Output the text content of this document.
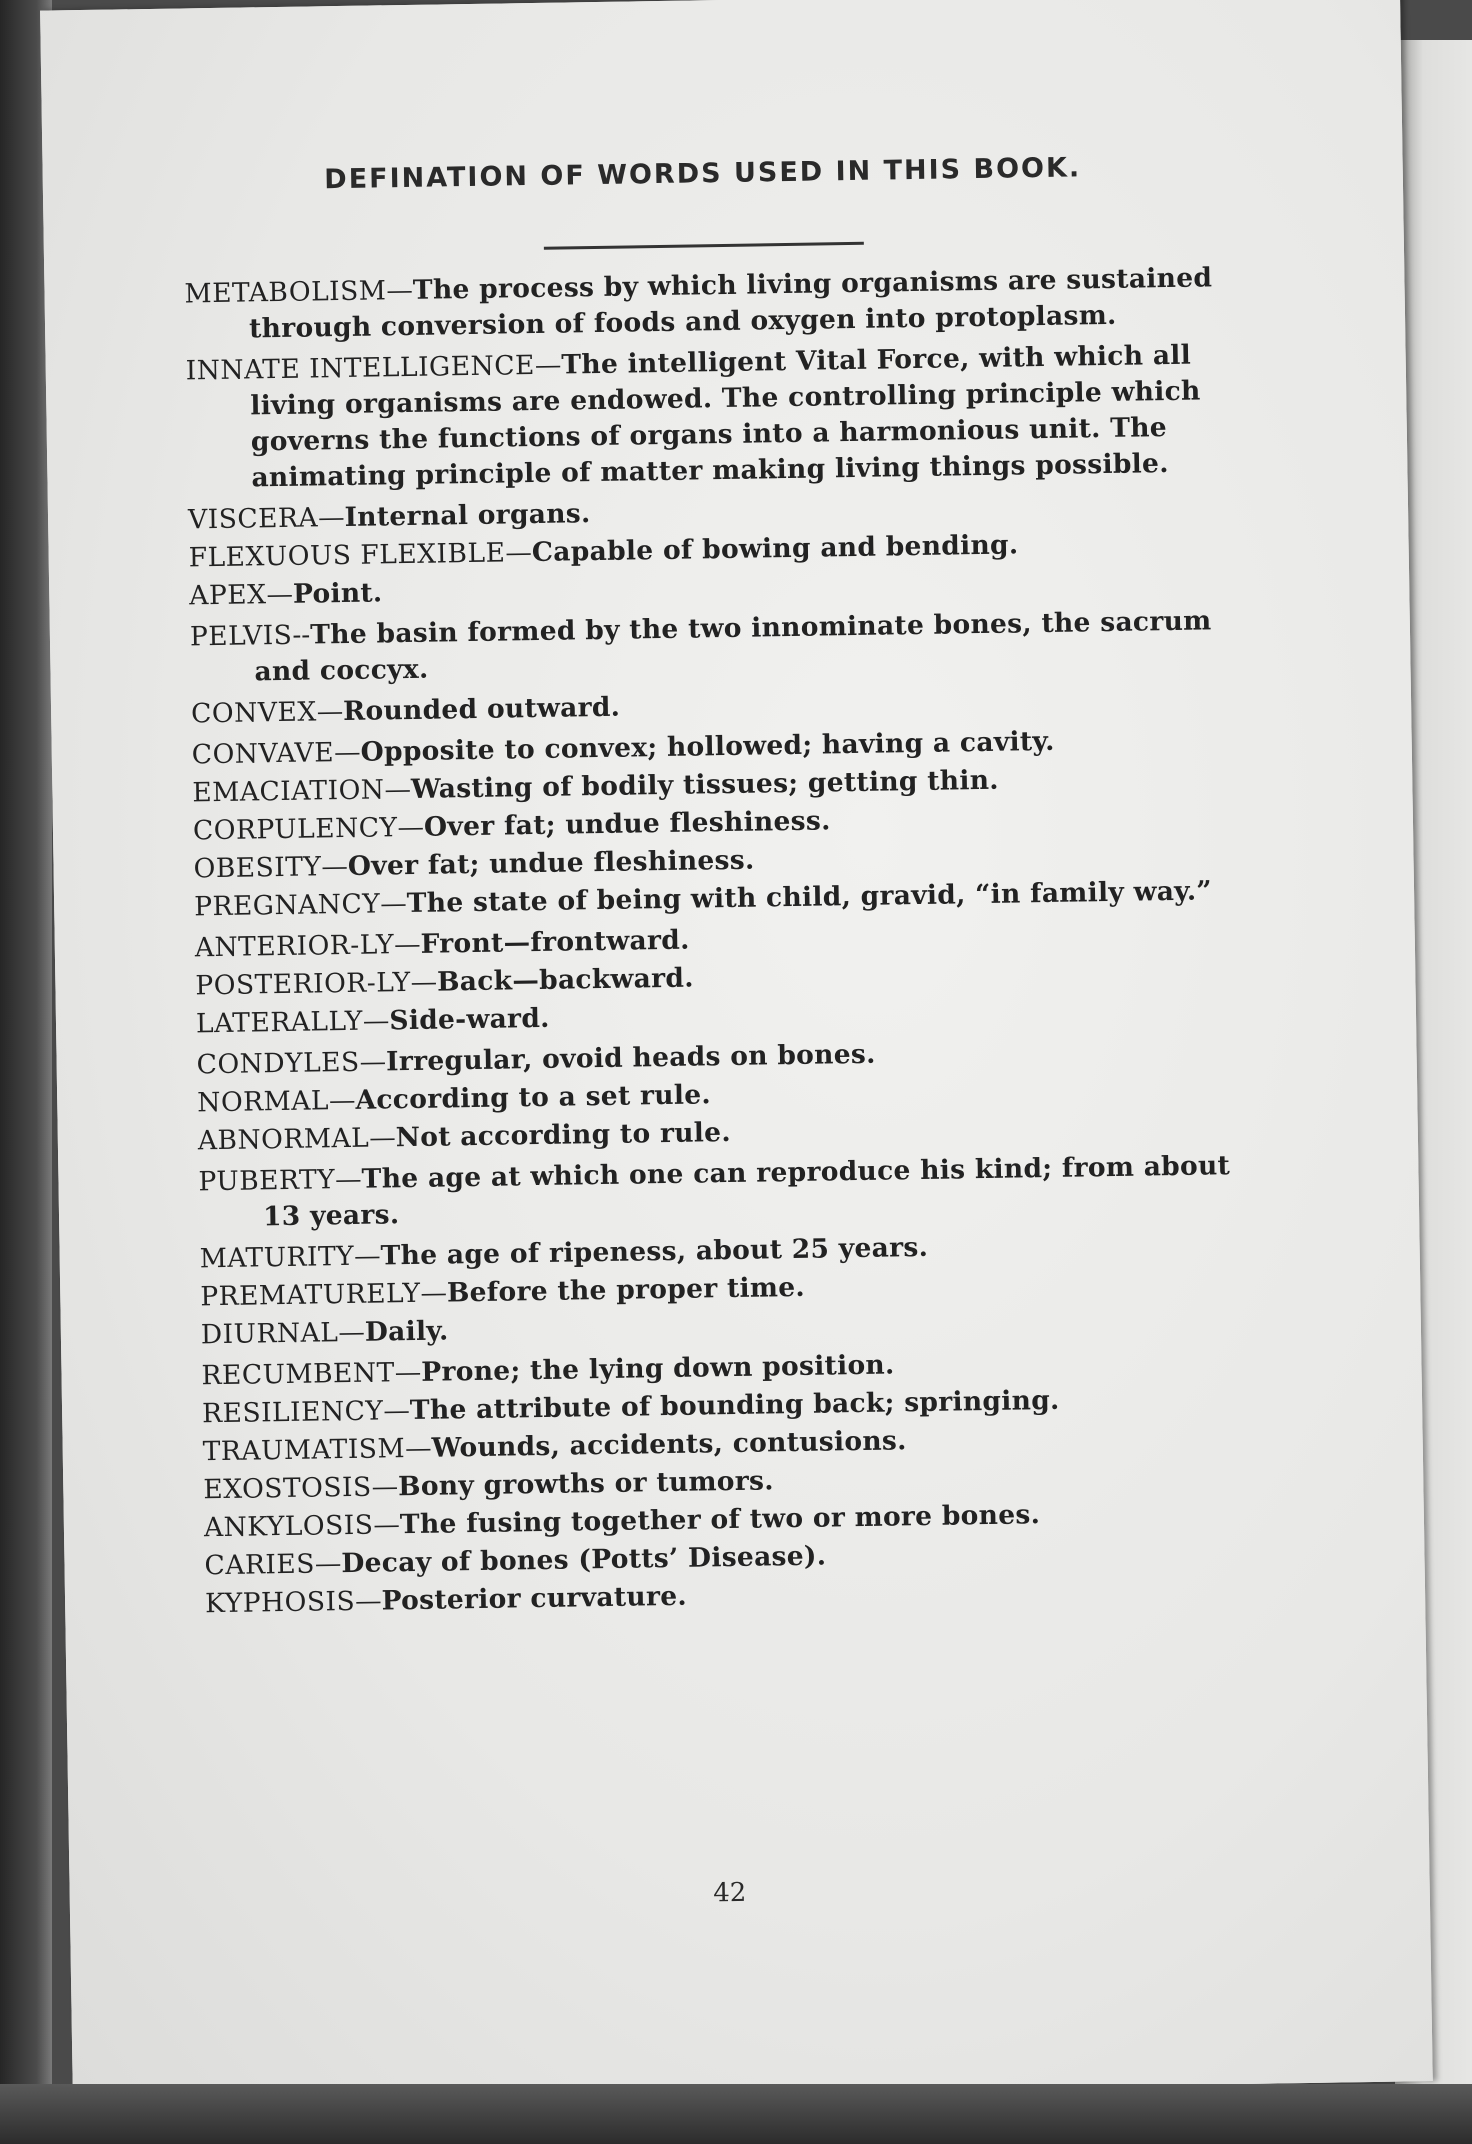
DEFINATION OF WORDS USED IN THIS BOOK.
METABOLISM—The process by which living organisms are sustained through conversion of foods and oxygen into protoplasm.
INNATE INTELLIGENCE—The intelligent Vital Force, with which all living organisms are endowed. The controlling principle which governs the functions of organs into a harmonious unit. The animating principle of matter making living things possible.
VISCERA—Internal organs.
FLEXUOUS FLEXIBLE—Capable of bowing and bending.
APEX—Point.
PELVIS--The basin formed by the two innominate bones, the sacrum and coccyx.
CONVEX—Rounded outward.
CONVAVE—Opposite to convex; hollowed; having a cavity.
EMACIATION—Wasting of bodily tissues; getting thin.
CORPULENCY—Over fat; undue fleshiness.
OBESITY—Over fat; undue fleshiness.
PREGNANCY—The state of being with child, gravid, “in family way.”
ANTERIOR-LY—Front—frontward.
POSTERIOR-LY—Back—backward.
LATERALLY—Side-ward.
CONDYLES—Irregular, ovoid heads on bones.
NORMAL—According to a set rule.
ABNORMAL—Not according to rule.
PUBERTY—The age at which one can reproduce his kind; from about 13 years.
MATURITY—The age of ripeness, about 25 years.
PREMATURELY—Before the proper time.
DIURNAL—Daily.
RECUMBENT—Prone; the lying down position.
RESILIENCY—The attribute of bounding back; springing.
TRAUMATISM—Wounds, accidents, contusions.
EXOSTOSIS—Bony growths or tumors.
ANKYLOSIS—The fusing together of two or more bones.
CARIES—Decay of bones (Potts’ Disease).
KYPHOSIS—Posterior curvature.
42
